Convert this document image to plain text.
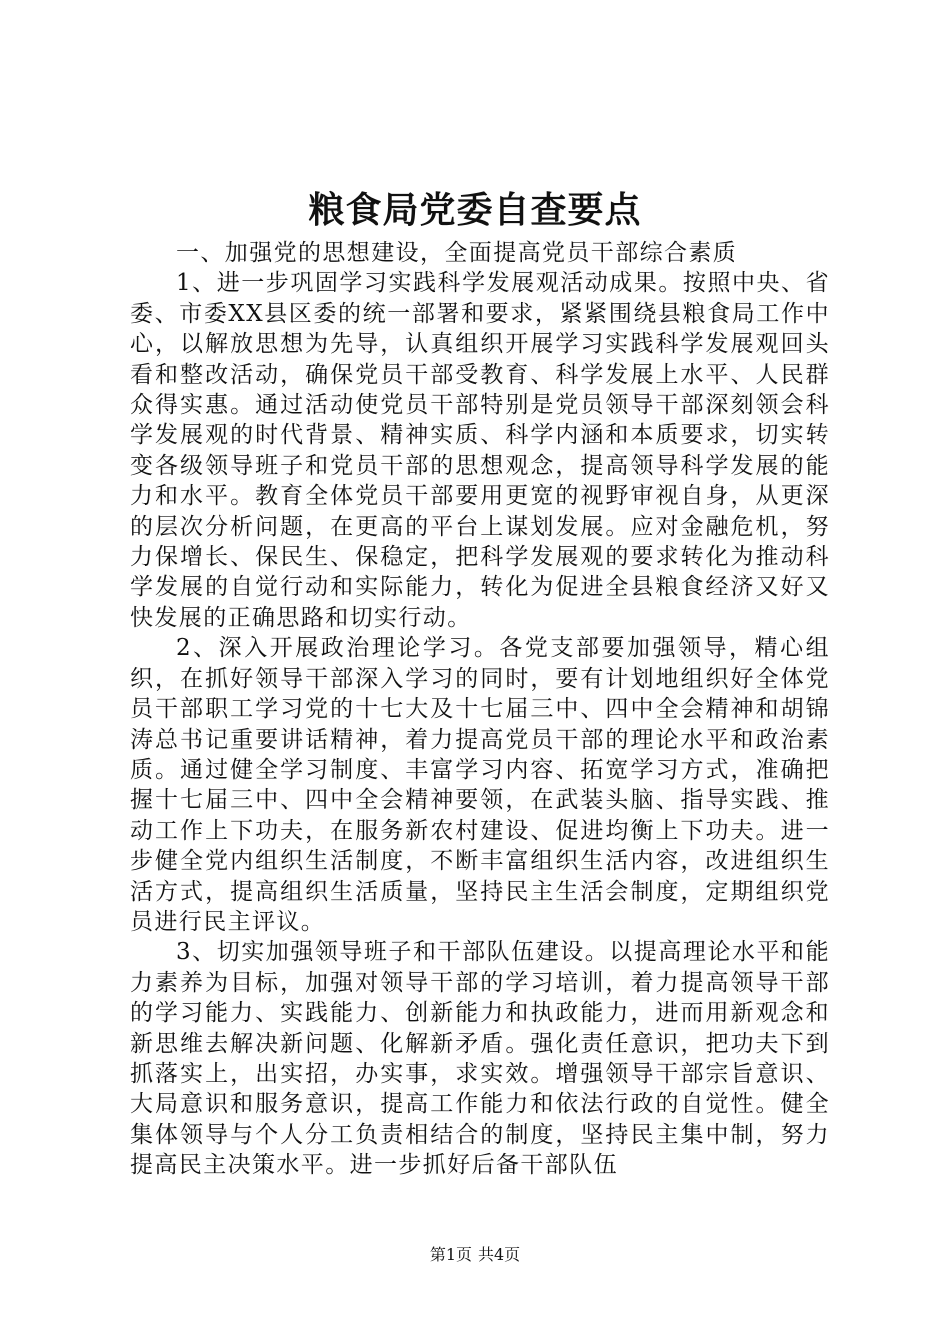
粮食局党委自查要点

一、加强党的思想建设，全面提高党员干部综合素质

1、进一步巩固学习实践科学发展观活动成果。按照中央、省委、市委XX县区委的统一部署和要求，紧紧围绕县粮食局工作中心，以解放思想为先导，认真组织开展学习实践科学发展观回头看和整改活动，确保党员干部受教育、科学发展上水平、人民群众得实惠。通过活动使党员干部特别是党员领导干部深刻领会科学发展观的时代背景、精神实质、科学内涵和本质要求，切实转变各级领导班子和党员干部的思想观念，提高领导科学发展的能力和水平。教育全体党员干部要用更宽的视野审视自身，从更深的层次分析问题，在更高的平台上谋划发展。应对金融危机，努力保增长、保民生、保稳定，把科学发展观的要求转化为推动科学发展的自觉行动和实际能力，转化为促进全县粮食经济又好又快发展的正确思路和切实行动。

2、深入开展政治理论学习。各党支部要加强领导，精心组织，在抓好领导干部深入学习的同时，要有计划地组织好全体党员干部职工学习党的十七大及十七届三中、四中全会精神和胡锦涛总书记重要讲话精神，着力提高党员干部的理论水平和政治素质。通过健全学习制度、丰富学习内容、拓宽学习方式，准确把握十七届三中、四中全会精神要领，在武装头脑、指导实践、推动工作上下功夫，在服务新农村建设、促进均衡上下功夫。进一步健全党内组织生活制度，不断丰富组织生活内容，改进组织生活方式，提高组织生活质量，坚持民主生活会制度，定期组织党员进行民主评议。

3、切实加强领导班子和干部队伍建设。以提高理论水平和能力素养为目标，加强对领导干部的学习培训，着力提高领导干部的学习能力、实践能力、创新能力和执政能力，进而用新观念和新思维去解决新问题、化解新矛盾。强化责任意识，把功夫下到抓落实上，出实招，办实事，求实效。增强领导干部宗旨意识、大局意识和服务意识，提高工作能力和依法行政的自觉性。健全集体领导与个人分工负责相结合的制度，坚持民主集中制，努力提高民主决策水平。进一步抓好后备干部队伍

第1页 共4页
